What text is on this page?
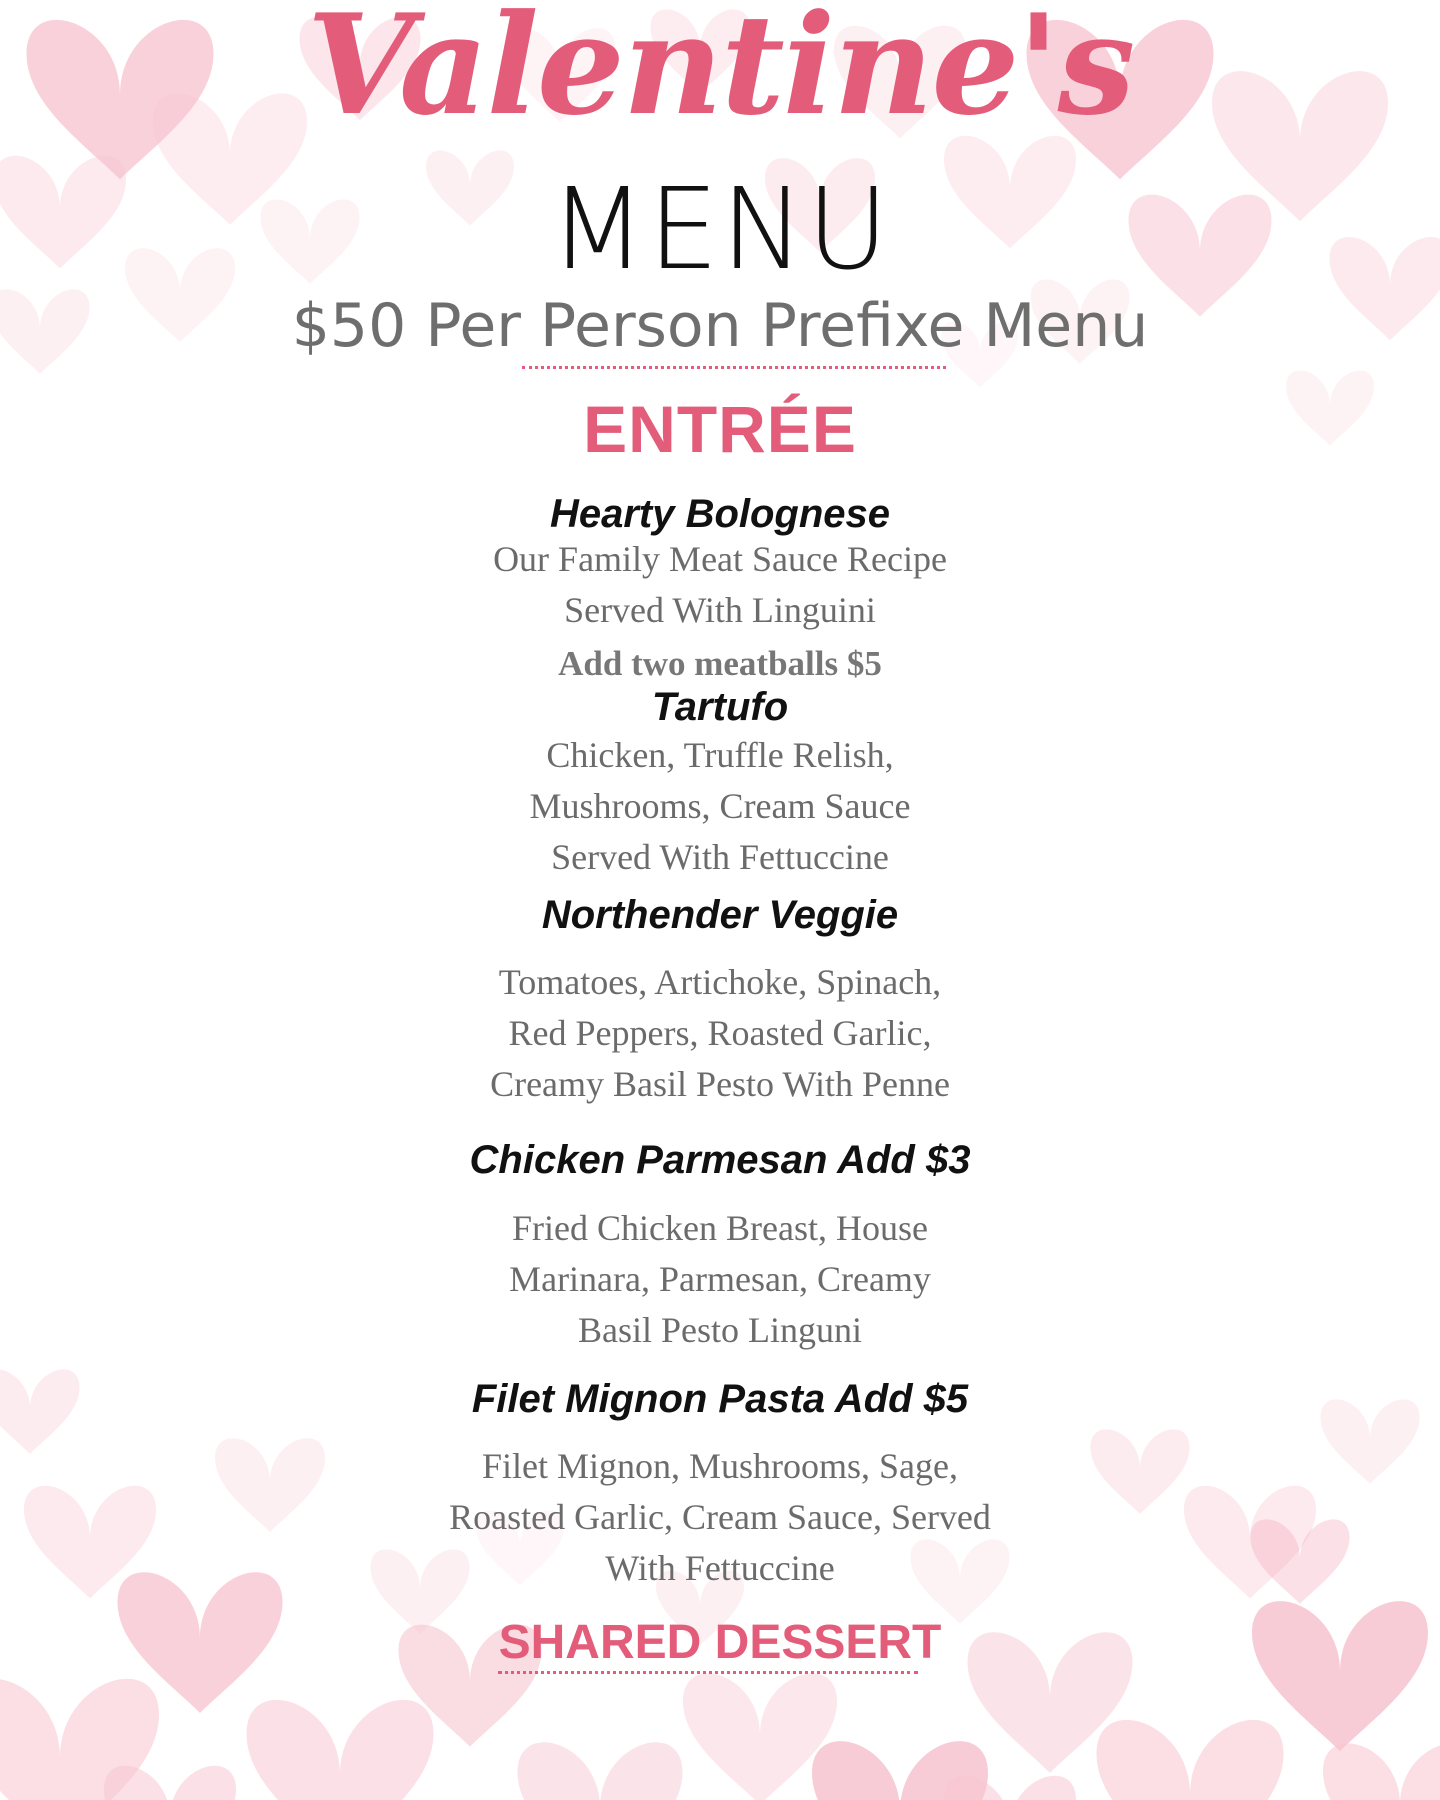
Valentine's
MENU
$50 Per Person Prefixe Menu
ENTRÉE
Hearty Bolognese
Our Family Meat Sauce Recipe
Served With Linguini
Add two meatballs $5
Tartufo
Chicken, Truffle Relish,
Mushrooms, Cream Sauce
Served With Fettuccine
Northender Veggie
Tomatoes, Artichoke, Spinach,
Red Peppers, Roasted Garlic,
Creamy Basil Pesto With Penne
Chicken Parmesan Add $3
Fried Chicken Breast, House
Marinara, Parmesan, Creamy
Basil Pesto Linguni
Filet Mignon Pasta Add $5
Filet Mignon, Mushrooms, Sage,
Roasted Garlic, Cream Sauce, Served
With Fettuccine
SHARED DESSERT
